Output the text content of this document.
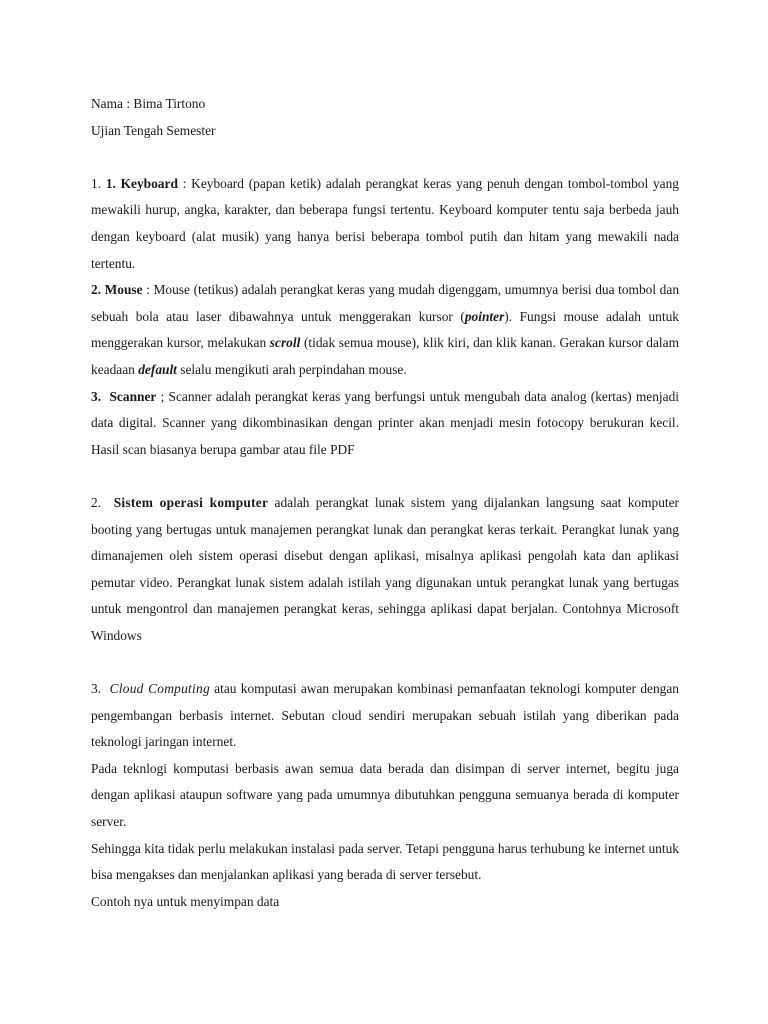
Nama : Bima Tirtono

Ujian Tengah Semester

1. 1. Keyboard : Keyboard (papan ketik) adalah perangkat keras yang penuh dengan tombol-tombol yang mewakili hurup, angka, karakter, dan beberapa fungsi tertentu. Keyboard komputer tentu saja berbeda jauh dengan keyboard (alat musik) yang hanya berisi beberapa tombol putih dan hitam yang mewakili nada tertentu.

2. Mouse : Mouse (tetikus) adalah perangkat keras yang mudah digenggam, umumnya berisi dua tombol dan sebuah bola atau laser dibawahnya untuk menggerakan kursor (pointer). Fungsi mouse adalah untuk menggerakan kursor, melakukan scroll (tidak semua mouse), klik kiri, dan klik kanan. Gerakan kursor dalam keadaan default selalu mengikuti arah perpindahan mouse.

3.  Scanner ; Scanner adalah perangkat keras yang berfungsi untuk mengubah data analog (kertas) menjadi data digital. Scanner yang dikombinasikan dengan printer akan menjadi mesin fotocopy berukuran kecil. Hasil scan biasanya berupa gambar atau file PDF

2. Sistem operasi komputer adalah perangkat lunak sistem yang dijalankan langsung saat komputer booting yang bertugas untuk manajemen perangkat lunak dan perangkat keras terkait. Perangkat lunak yang dimanajemen oleh sistem operasi disebut dengan aplikasi, misalnya aplikasi pengolah kata dan aplikasi pemutar video. Perangkat lunak sistem adalah istilah yang digunakan untuk perangkat lunak yang bertugas untuk mengontrol dan manajemen perangkat keras, sehingga aplikasi dapat berjalan. Contohnya Microsoft Windows

3. Cloud Computing atau komputasi awan merupakan kombinasi pemanfaatan teknologi komputer dengan pengembangan berbasis internet. Sebutan cloud sendiri merupakan sebuah istilah yang diberikan pada teknologi jaringan internet.

Pada teknlogi komputasi berbasis awan semua data berada dan disimpan di server internet, begitu juga dengan aplikasi ataupun software yang pada umumnya dibutuhkan pengguna semuanya berada di komputer server.

Sehingga kita tidak perlu melakukan instalasi pada server. Tetapi pengguna harus terhubung ke internet untuk bisa mengakses dan menjalankan aplikasi yang berada di server tersebut.

Contoh nya untuk menyimpan data
